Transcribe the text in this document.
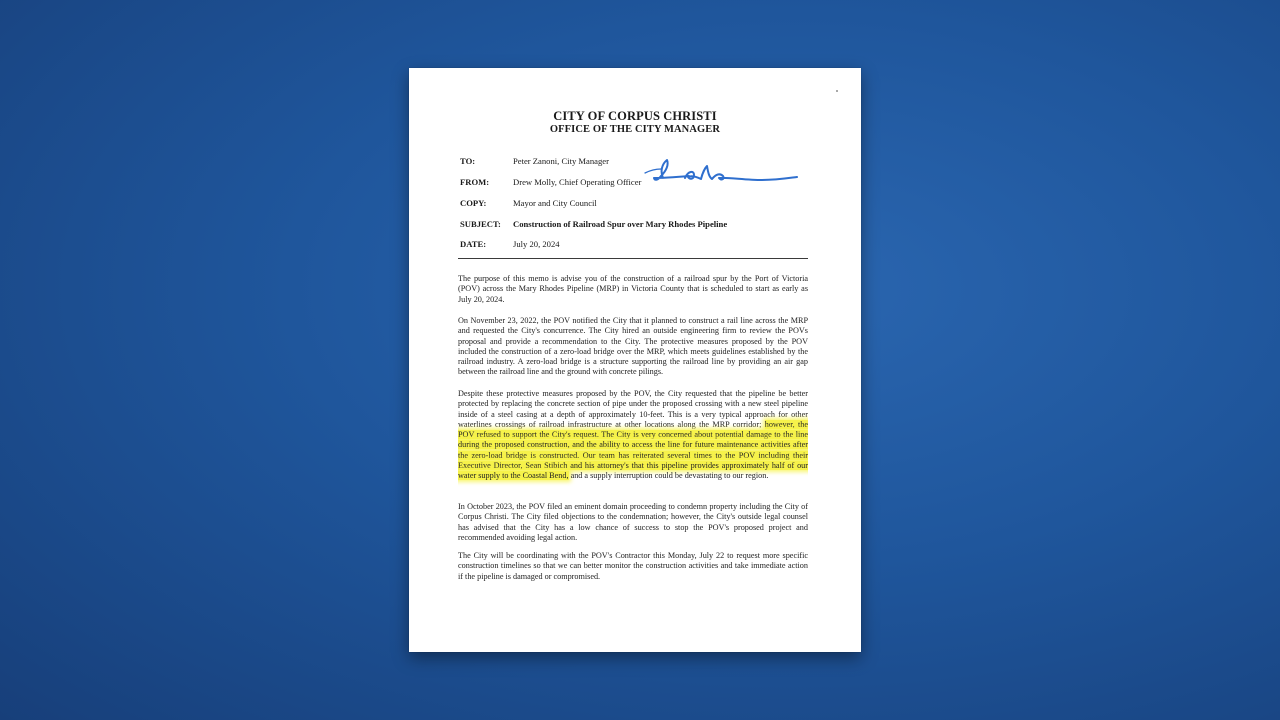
CITY OF CORPUS CHRISTI
OFFICE OF THE CITY MANAGER
TO:	Peter Zanoni, City Manager
FROM:	Drew Molly, Chief Operating Officer
COPY:	Mayor and City Council
SUBJECT: Construction of Railroad Spur over Mary Rhodes Pipeline
DATE:	July 20, 2024

The purpose of this memo is advise you of the construction of a railroad spur by the Port of Victoria (POV) across the Mary Rhodes Pipeline (MRP) in Victoria County that is scheduled to start as early as July 20, 2024.

On November 23, 2022, the POV notified the City that it planned to construct a rail line across the MRP and requested the City's concurrence. The City hired an outside engineering firm to review the POVs proposal and provide a recommendation to the City. The protective measures proposed by the POV included the construction of a zero-load bridge over the MRP, which meets guidelines established by the railroad industry. A zero-load bridge is a structure supporting the railroad line by providing an air gap between the railroad line and the ground with concrete pilings.

Despite these protective measures proposed by the POV, the City requested that the pipeline be better protected by replacing the concrete section of pipe under the proposed crossing with a new steel pipeline inside of a steel casing at a depth of approximately 10-feet. This is a very typical approach for other waterlines crossings of railroad infrastructure at other locations along the MRP corridor; however, the POV refused to support the City's request. The City is very concerned about potential damage to the line during the proposed construction, and the ability to access the line for future maintenance activities after the zero-load bridge is constructed. Our team has reiterated several times to the POV including their Executive Director, Sean Stibich and his attorney's that this pipeline provides approximately half of our water supply to the Coastal Bend, and a supply interruption could be devastating to our region.

In October 2023, the POV filed an eminent domain proceeding to condemn property including the City of Corpus Christi. The City filed objections to the condemnation; however, the City's outside legal counsel has advised that the City has a low chance of success to stop the POV's proposed project and recommended avoiding legal action.

The City will be coordinating with the POV's Contractor this Monday, July 22 to request more specific construction timelines so that we can better monitor the construction activities and take immediate action if the pipeline is damaged or compromised.
